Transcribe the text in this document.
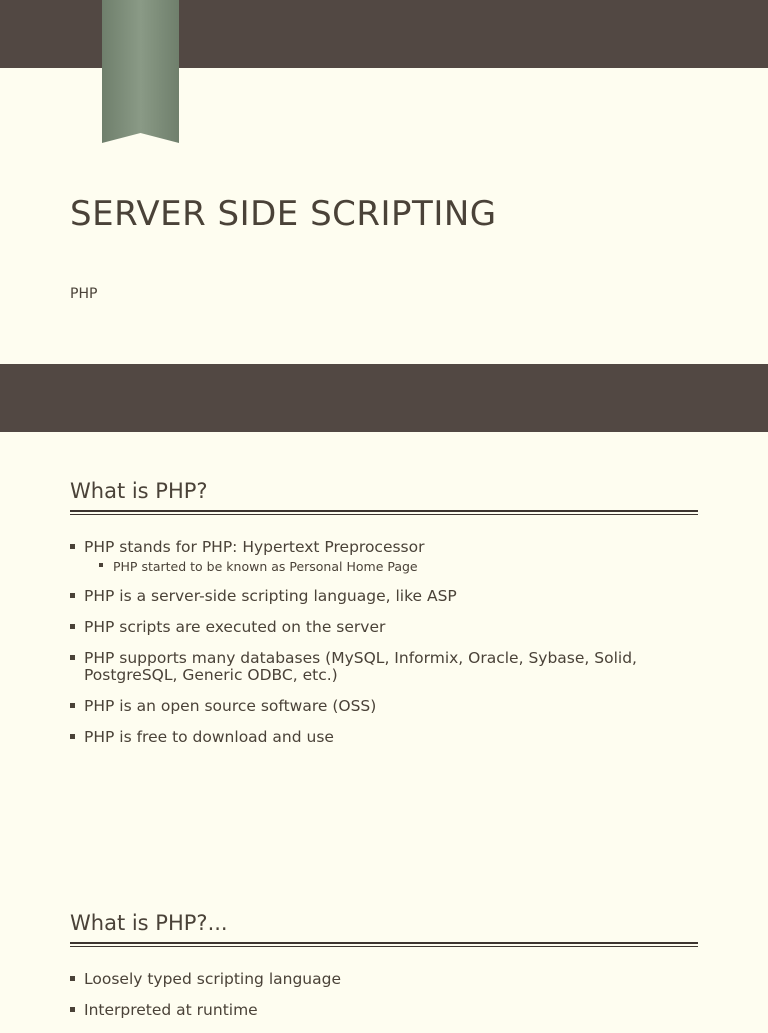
SERVER SIDE SCRIPTING
PHP
What is PHP?
PHP stands for PHP: Hypertext Preprocessor
PHP started to be known as Personal Home Page
PHP is a server-side scripting language, like ASP
PHP scripts are executed on the server
PHP supports many databases (MySQL, Informix, Oracle, Sybase, Solid, PostgreSQL, Generic ODBC, etc.)
PHP is an open source software (OSS)
PHP is free to download and use
What is PHP?...
Loosely typed scripting language
Interpreted at runtime
